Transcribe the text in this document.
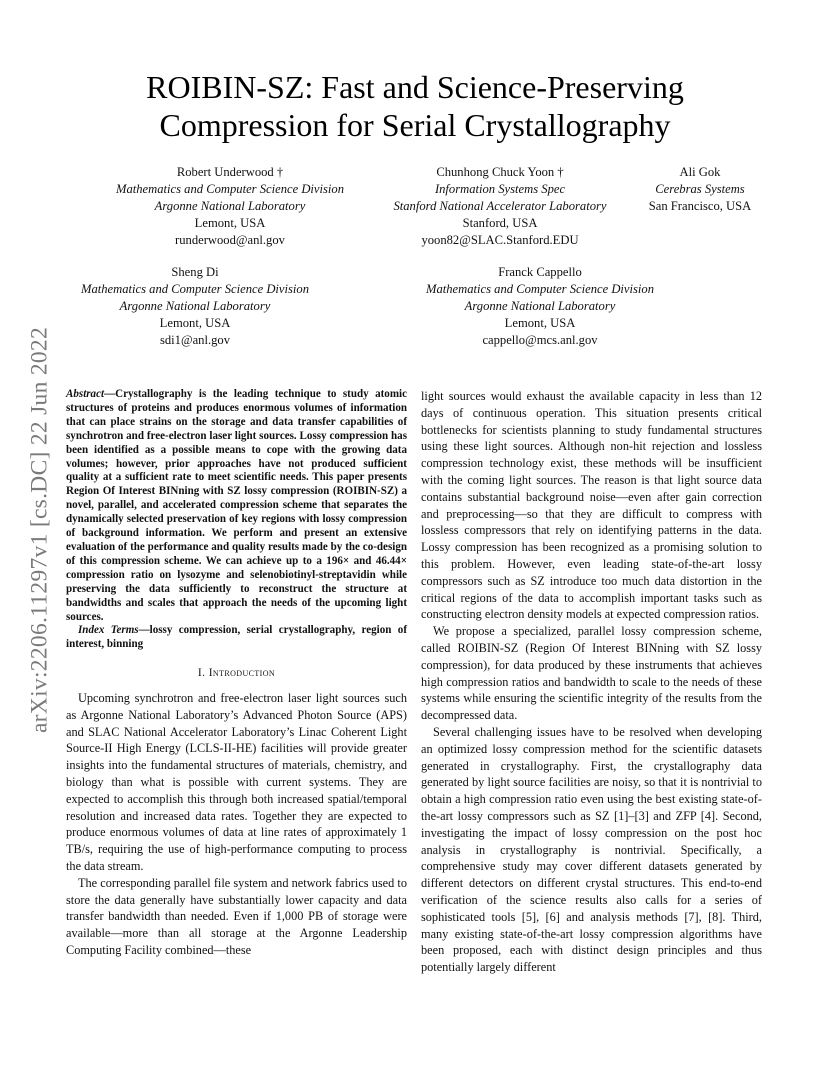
arXiv:2206.11297v1 [cs.DC] 22 Jun 2022
ROIBIN-SZ: Fast and Science-Preserving
Compression for Serial Crystallography
Robert Underwood †
Mathematics and Computer Science Division
Argonne National Laboratory
Lemont, USA
runderwood@anl.gov
Chunhong Chuck Yoon †
Information Systems Spec
Stanford National Accelerator Laboratory
Stanford, USA
yoon82@SLAC.Stanford.EDU
Ali Gok
Cerebras Systems
San Francisco, USA
Sheng Di
Mathematics and Computer Science Division
Argonne National Laboratory
Lemont, USA
sdi1@anl.gov
Franck Cappello
Mathematics and Computer Science Division
Argonne National Laboratory
Lemont, USA
cappello@mcs.anl.gov

Abstract—Crystallography is the leading technique to study atomic structures of proteins and produces enormous volumes of information that can place strains on the storage and data transfer capabilities of synchrotron and free-electron laser light sources. Lossy compression has been identified as a possible means to cope with the growing data volumes; however, prior approaches have not produced sufficient quality at a sufficient rate to meet scientific needs. This paper presents Region Of Interest BINning with SZ lossy compression (ROIBIN-SZ) a novel, parallel, and accelerated compression scheme that separates the dynamically selected preservation of key regions with lossy compression of background information. We perform and present an extensive evaluation of the performance and quality results made by the co-design of this compression scheme. We can achieve up to a 196× and 46.44× compression ratio on lysozyme and selenobiotinyl-streptavidin while preserving the data sufficiently to reconstruct the structure at bandwidths and scales that approach the needs of the upcoming light sources.

Index Terms—lossy compression, serial crystallography, region of interest, binning

I. Introduction

Upcoming synchrotron and free-electron laser light sources such as Argonne National Laboratory’s Advanced Photon Source (APS) and SLAC National Accelerator Laboratory’s Linac Coherent Light Source-II High Energy (LCLS-II-HE) facilities will provide greater insights into the fundamental structures of materials, chemistry, and biology than what is possible with current systems. They are expected to accomplish this through both increased spatial/temporal resolution and increased data rates. Together they are expected to produce enormous volumes of data at line rates of approximately 1 TB/s, requiring the use of high-performance computing to process the data stream.

The corresponding parallel file system and network fabrics used to store the data generally have substantially lower capacity and data transfer bandwidth than needed. Even if 1,000 PB of storage were available—more than all storage at the Argonne Leadership Computing Facility combined—these

light sources would exhaust the available capacity in less than 12 days of continuous operation. This situation presents critical bottlenecks for scientists planning to study fundamental structures using these light sources. Although non-hit rejection and lossless compression technology exist, these methods will be insufficient with the coming light sources. The reason is that light source data contains substantial background noise—even after gain correction and preprocessing—so that they are difficult to compress with lossless compressors that rely on identifying patterns in the data. Lossy compression has been recognized as a promising solution to this problem. However, even leading state-of-the-art lossy compressors such as SZ introduce too much data distortion in the critical regions of the data to accomplish important tasks such as constructing electron density models at expected compression ratios.

We propose a specialized, parallel lossy compression scheme, called ROIBIN-SZ (Region Of Interest BINning with SZ lossy compression), for data produced by these instruments that achieves high compression ratios and bandwidth to scale to the needs of these systems while ensuring the scientific integrity of the results from the decompressed data.

Several challenging issues have to be resolved when developing an optimized lossy compression method for the scientific datasets generated in crystallography. First, the crystallography data generated by light source facilities are noisy, so that it is nontrivial to obtain a high compression ratio even using the best existing state-of-the-art lossy compressors such as SZ [1]–[3] and ZFP [4]. Second, investigating the impact of lossy compression on the post hoc analysis in crystallography is nontrivial. Specifically, a comprehensive study may cover different datasets generated by different detectors on different crystal structures. This end-to-end verification of the science results also calls for a series of sophisticated tools [5], [6] and analysis methods [7], [8]. Third, many existing state-of-the-art lossy compression algorithms have been proposed, each with distinct design principles and thus potentially largely different
